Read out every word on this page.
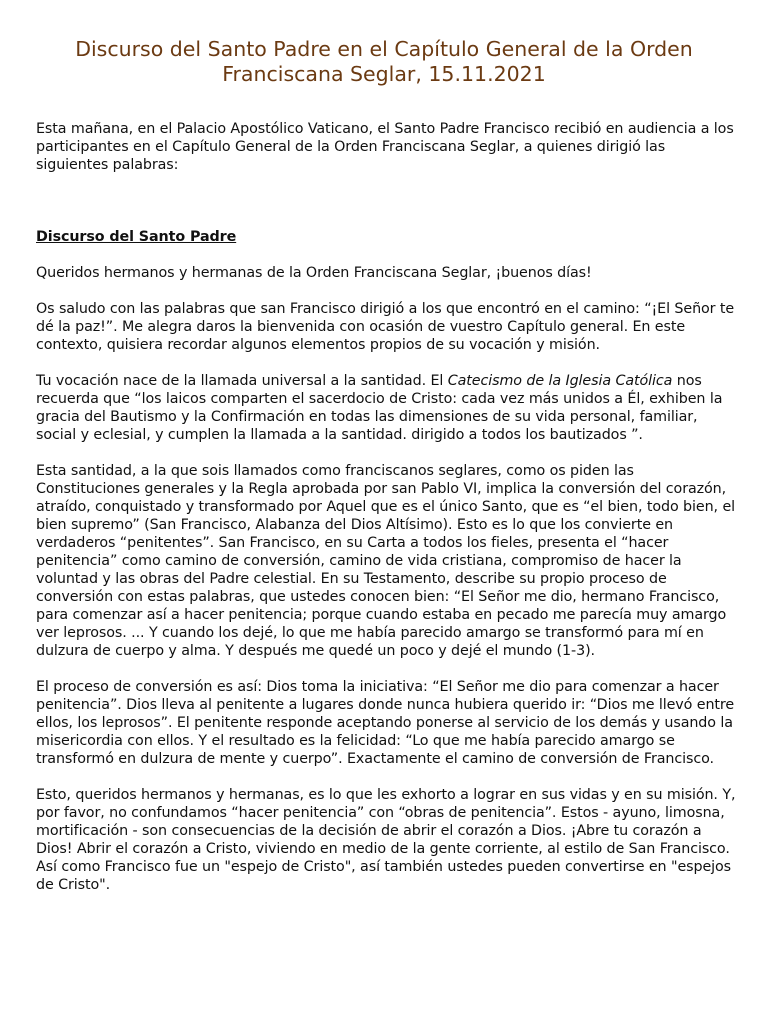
Discurso del Santo Padre en el Capítulo General de la Orden
Franciscana Seglar, 15.11.2021

Esta mañana, en el Palacio Apostólico Vaticano, el Santo Padre Francisco recibió en audiencia a los participantes en el Capítulo General de la Orden Franciscana Seglar, a quienes dirigió las siguientes palabras:

Discurso del Santo Padre

Queridos hermanos y hermanas de la Orden Franciscana Seglar, ¡buenos días!

Os saludo con las palabras que san Francisco dirigió a los que encontró en el camino: “¡El Señor te dé la paz!”. Me alegra daros la bienvenida con ocasión de vuestro Capítulo general. En este contexto, quisiera recordar algunos elementos propios de su vocación y misión.

Tu vocación nace de la llamada universal a la santidad. El Catecismo de la Iglesia Católica nos recuerda que “los laicos comparten el sacerdocio de Cristo: cada vez más unidos a Él, exhiben la gracia del Bautismo y la Confirmación en todas las dimensiones de su vida personal, familiar, social y eclesial, y cumplen la llamada a la santidad. dirigido a todos los bautizados ”.

Esta santidad, a la que sois llamados como franciscanos seglares, como os piden las Constituciones generales y la Regla aprobada por san Pablo VI, implica la conversión del corazón, atraído, conquistado y transformado por Aquel que es el único Santo, que es “el bien, todo bien, el bien supremo” (San Francisco, Alabanza del Dios Altísimo). Esto es lo que los convierte en verdaderos “penitentes”. San Francisco, en su Carta a todos los fieles, presenta el “hacer penitencia” como camino de conversión, camino de vida cristiana, compromiso de hacer la voluntad y las obras del Padre celestial. En su Testamento, describe su propio proceso de conversión con estas palabras, que ustedes conocen bien: “El Señor me dio, hermano Francisco, para comenzar así a hacer penitencia; porque cuando estaba en pecado me parecía muy amargo ver leprosos. ... Y cuando los dejé, lo que me había parecido amargo se transformó para mí en dulzura de cuerpo y alma. Y después me quedé un poco y dejé el mundo (1-3).

El proceso de conversión es así: Dios toma la iniciativa: “El Señor me dio para comenzar a hacer penitencia”. Dios lleva al penitente a lugares donde nunca hubiera querido ir: “Dios me llevó entre ellos, los leprosos”. El penitente responde aceptando ponerse al servicio de los demás y usando la misericordia con ellos. Y el resultado es la felicidad: “Lo que me había parecido amargo se transformó en dulzura de mente y cuerpo”. Exactamente el camino de conversión de Francisco.

Esto, queridos hermanos y hermanas, es lo que les exhorto a lograr en sus vidas y en su misión. Y, por favor, no confundamos “hacer penitencia” con “obras de penitencia”. Estos - ayuno, limosna, mortificación - son consecuencias de la decisión de abrir el corazón a Dios. ¡Abre tu corazón a Dios! Abrir el corazón a Cristo, viviendo en medio de la gente corriente, al estilo de San Francisco. Así como Francisco fue un "espejo de Cristo", así también ustedes pueden convertirse en "espejos de Cristo".
